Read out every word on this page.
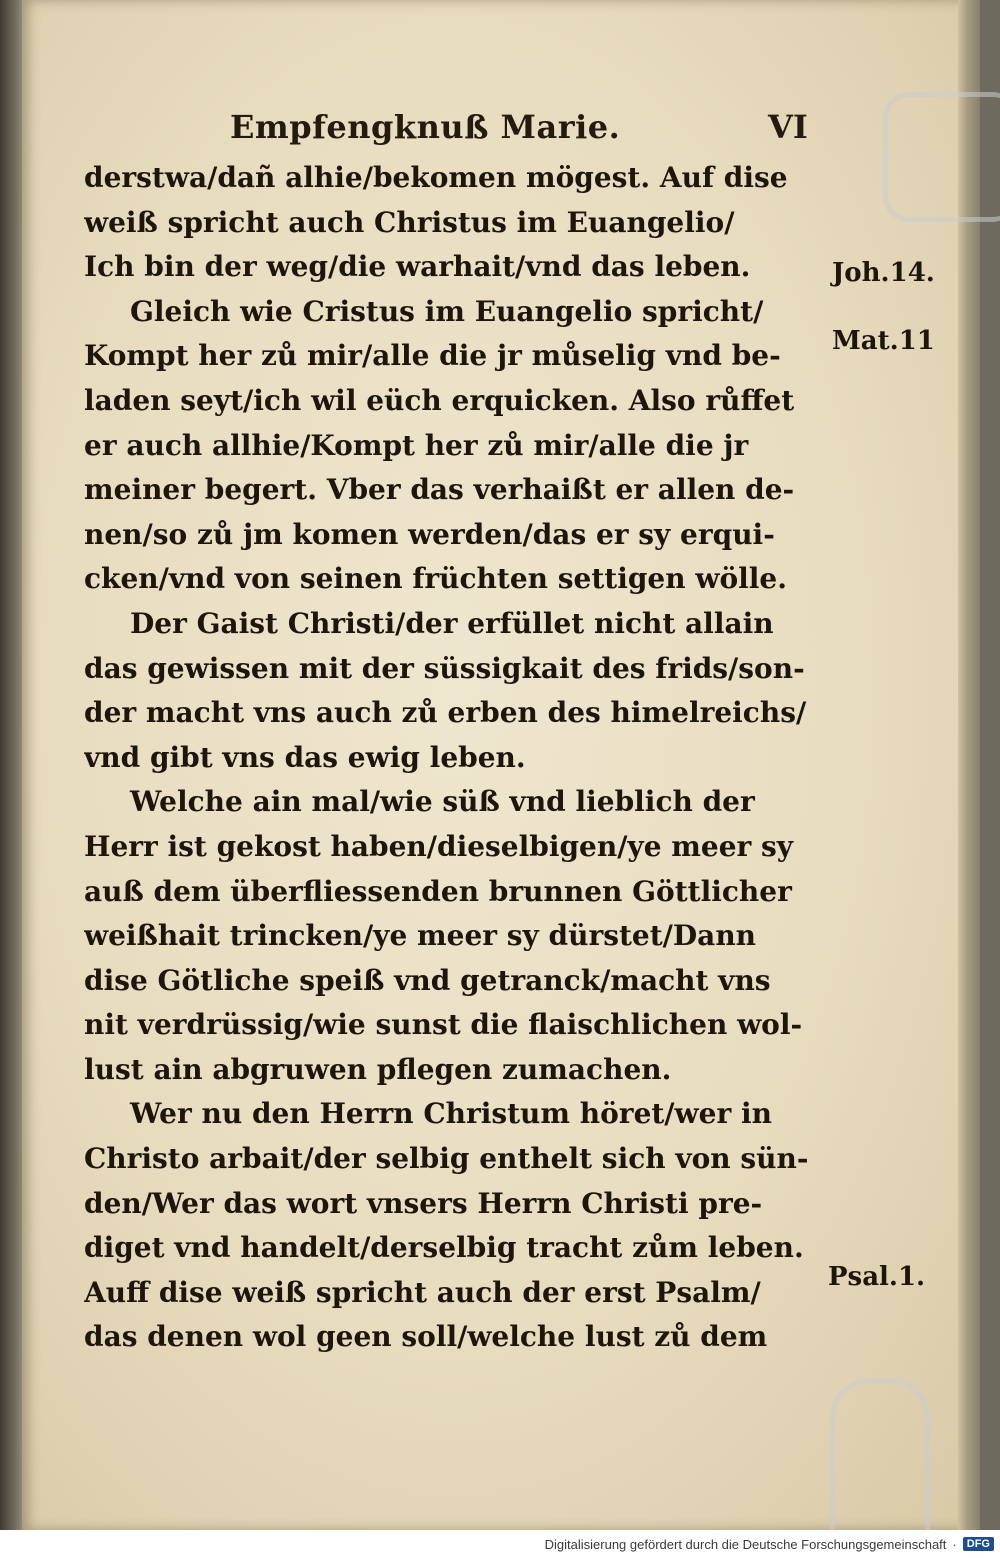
Empfengknuß Marie.	VI
derstwa/dañ alhie/bekomen mögest. Auf dise
weiß spricht auch Christus im Euangelio/
Ich bin der weg/die warhait/vnd das leben.
Gleich wie Cristus im Euangelio spricht/
Kompt her zů mir/alle die jr můselig vnd be-
laden seyt/ich wil eüch erquicken. Also růffet
er auch allhie/Kompt her zů mir/alle die jr
meiner begert. Vber das verhaißt er allen de-
nen/so zů jm komen werden/das er sy erqui-
cken/vnd von seinen früchten settigen wölle.
Der Gaist Christi/der erfüllet nicht allain
das gewissen mit der süssigkait des frids/son-
der macht vns auch zů erben des himelreichs/
vnd gibt vns das ewig leben.
Welche ain mal/wie süß vnd lieblich der
Herr ist gekost haben/dieselbigen/ye meer sy
auß dem überfliessenden brunnen Göttlicher
weißhait trincken/ye meer sy dürstet/Dann
dise Götliche speiß vnd getranck/macht vns
nit verdrüssig/wie sunst die flaischlichen wol-
lust ain abgruwen pflegen zumachen.
Wer nu den Herrn Christum höret/wer in
Christo arbait/der selbig enthelt sich von sün-
den/Wer das wort vnsers Herrn Christi pre-
diget vnd handelt/derselbig tracht zům leben.
Auff dise weiß spricht auch der erst Psalm/
das denen wol geen soll/welche lust zů dem
Joh.14.
Mat.11
Psal.1.
Digitalisierung gefördert durch die Deutsche Forschungsgemeinschaft · DFG
